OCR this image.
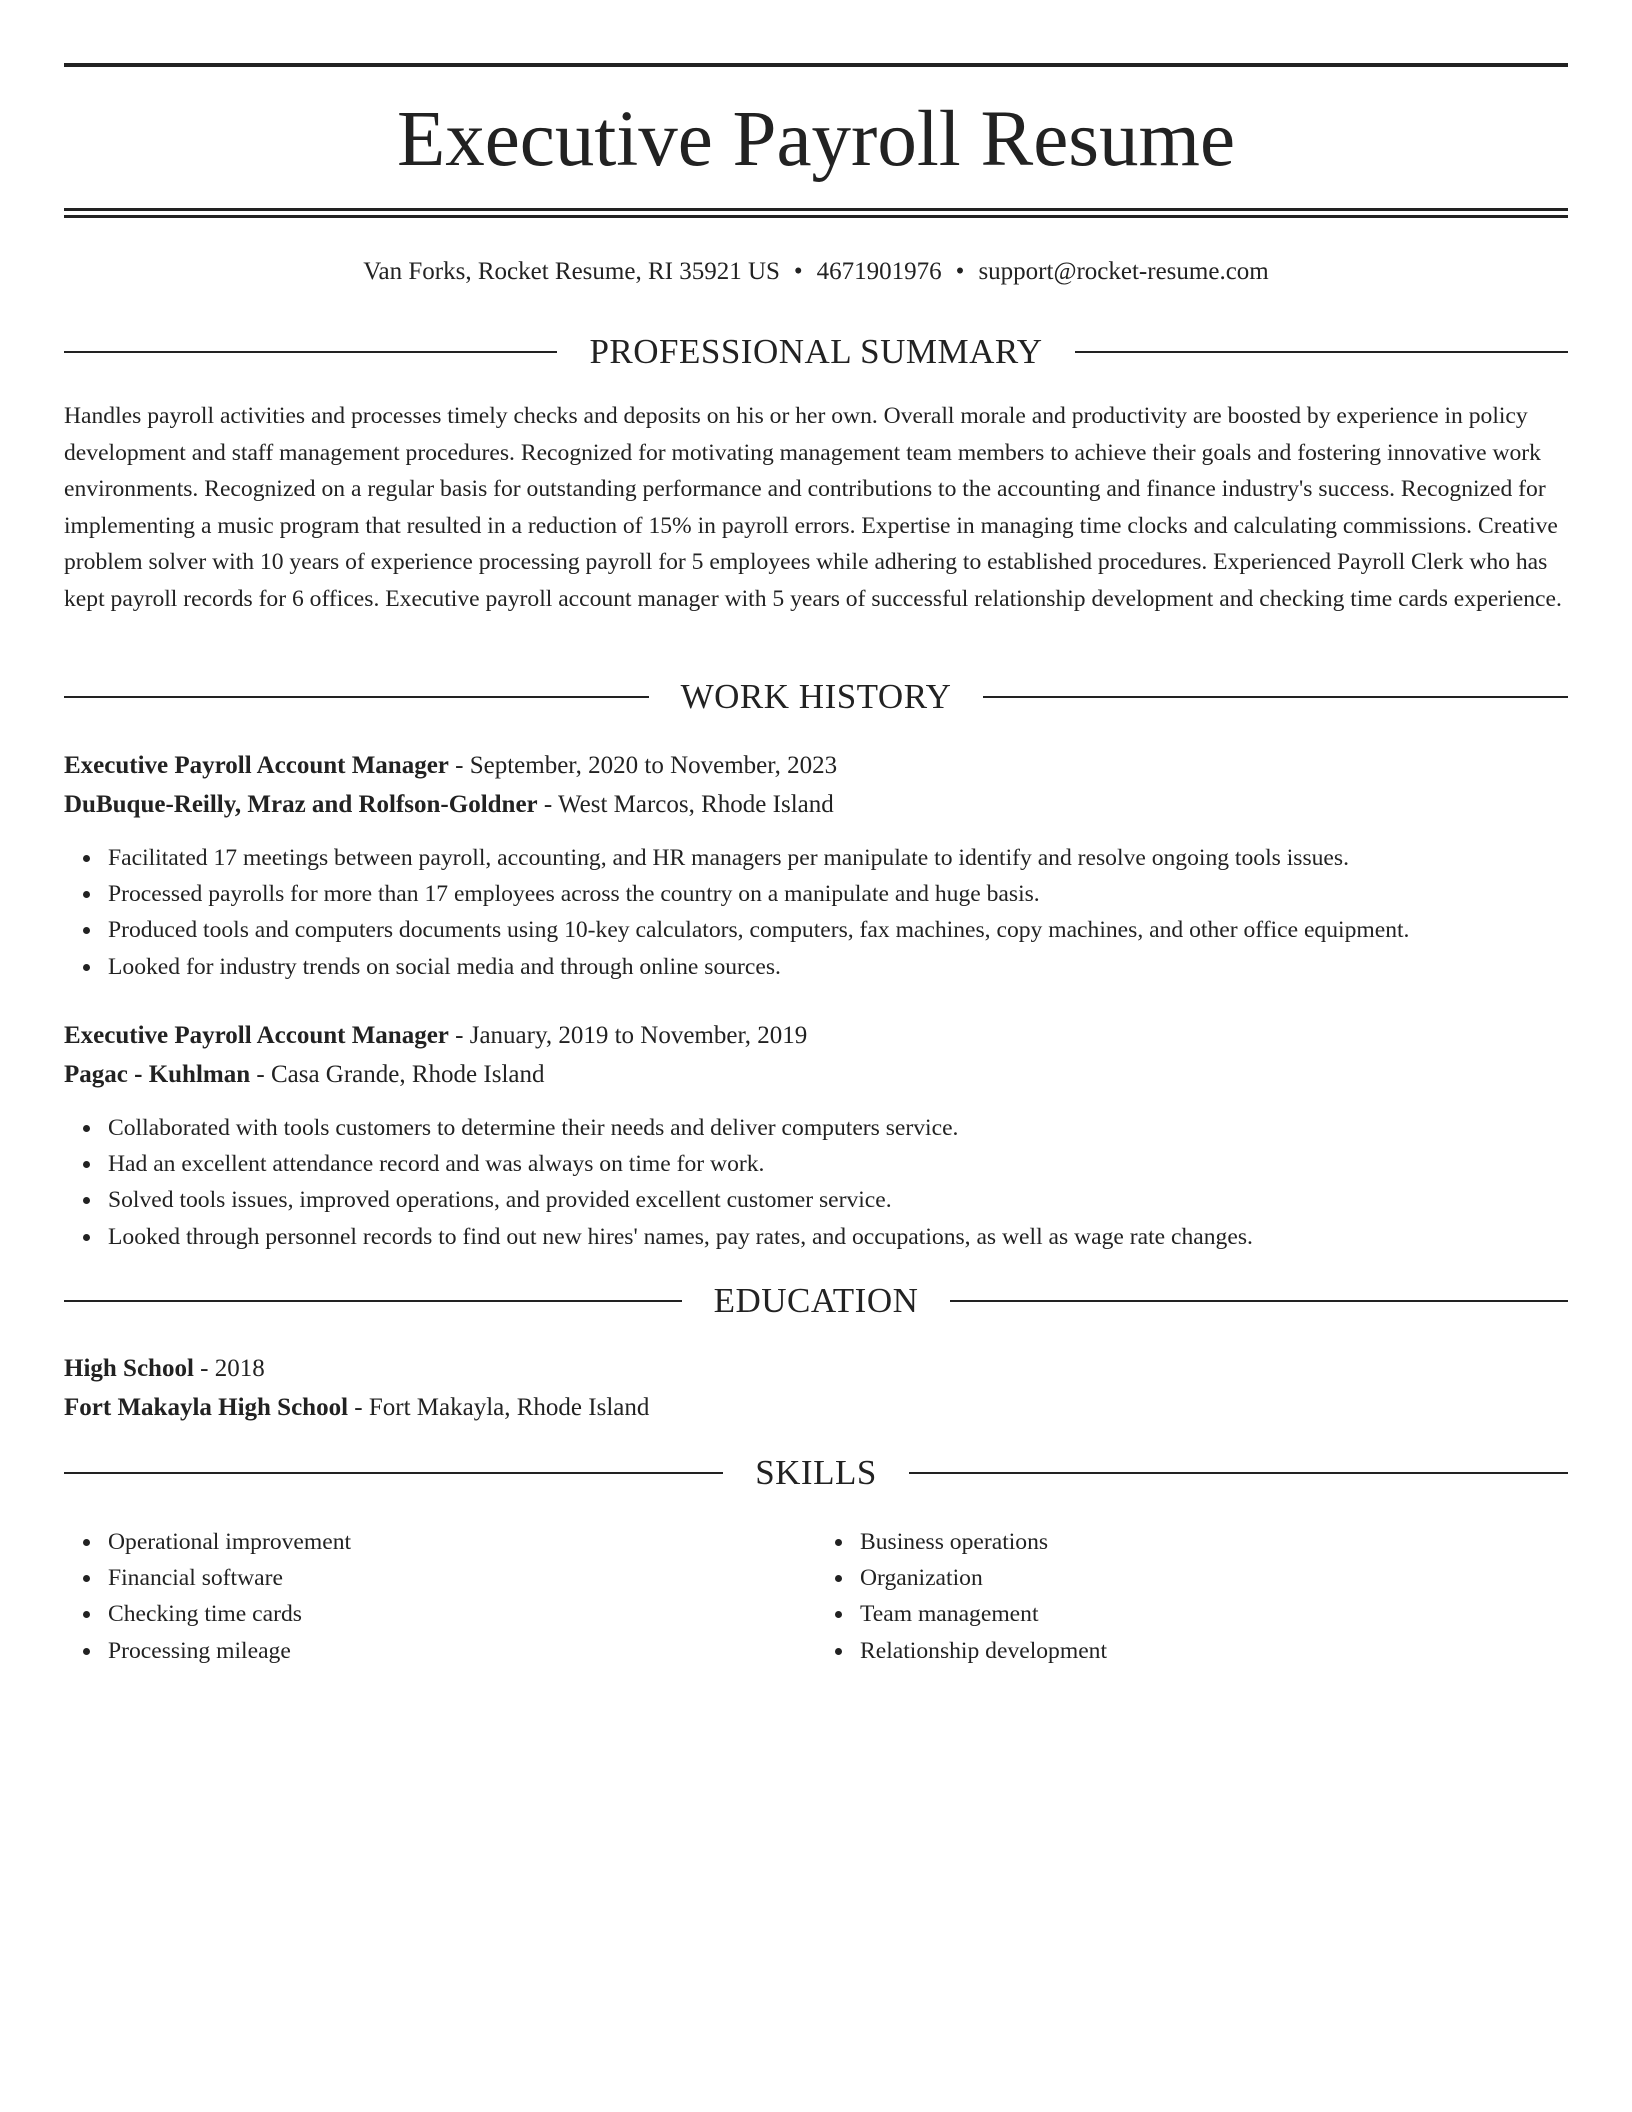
Executive Payroll Resume
Van Forks, Rocket Resume, RI 35921 US • 4671901976 • support@rocket-resume.com
PROFESSIONAL SUMMARY

Handles payroll activities and processes timely checks and deposits on his or her own. Overall morale and productivity are boosted by experience in policy development and staff management procedures. Recognized for motivating management team members to achieve their goals and fostering innovative work environments. Recognized on a regular basis for outstanding performance and contributions to the accounting and finance industry's success. Recognized for implementing a music program that resulted in a reduction of 15% in payroll errors. Expertise in managing time clocks and calculating commissions. Creative problem solver with 10 years of experience processing payroll for 5 employees while adhering to established procedures. Experienced Payroll Clerk who has kept payroll records for 6 offices. Executive payroll account manager with 5 years of successful relationship development and checking time cards experience.

WORK HISTORY
Executive Payroll Account Manager - September, 2020 to November, 2023
DuBuque-Reilly, Mraz and Rolfson-Goldner - West Marcos, Rhode Island
Facilitated 17 meetings between payroll, accounting, and HR managers per manipulate to identify and resolve ongoing tools issues.
Processed payrolls for more than 17 employees across the country on a manipulate and huge basis.
Produced tools and computers documents using 10-key calculators, computers, fax machines, copy machines, and other office equipment.
Looked for industry trends on social media and through online sources.
Executive Payroll Account Manager - January, 2019 to November, 2019
Pagac - Kuhlman - Casa Grande, Rhode Island
Collaborated with tools customers to determine their needs and deliver computers service.
Had an excellent attendance record and was always on time for work.
Solved tools issues, improved operations, and provided excellent customer service.
Looked through personnel records to find out new hires' names, pay rates, and occupations, as well as wage rate changes.
EDUCATION
High School - 2018
Fort Makayla High School - Fort Makayla, Rhode Island
SKILLS
Operational improvement
Financial software
Checking time cards
Processing mileage
Business operations
Organization
Team management
Relationship development
